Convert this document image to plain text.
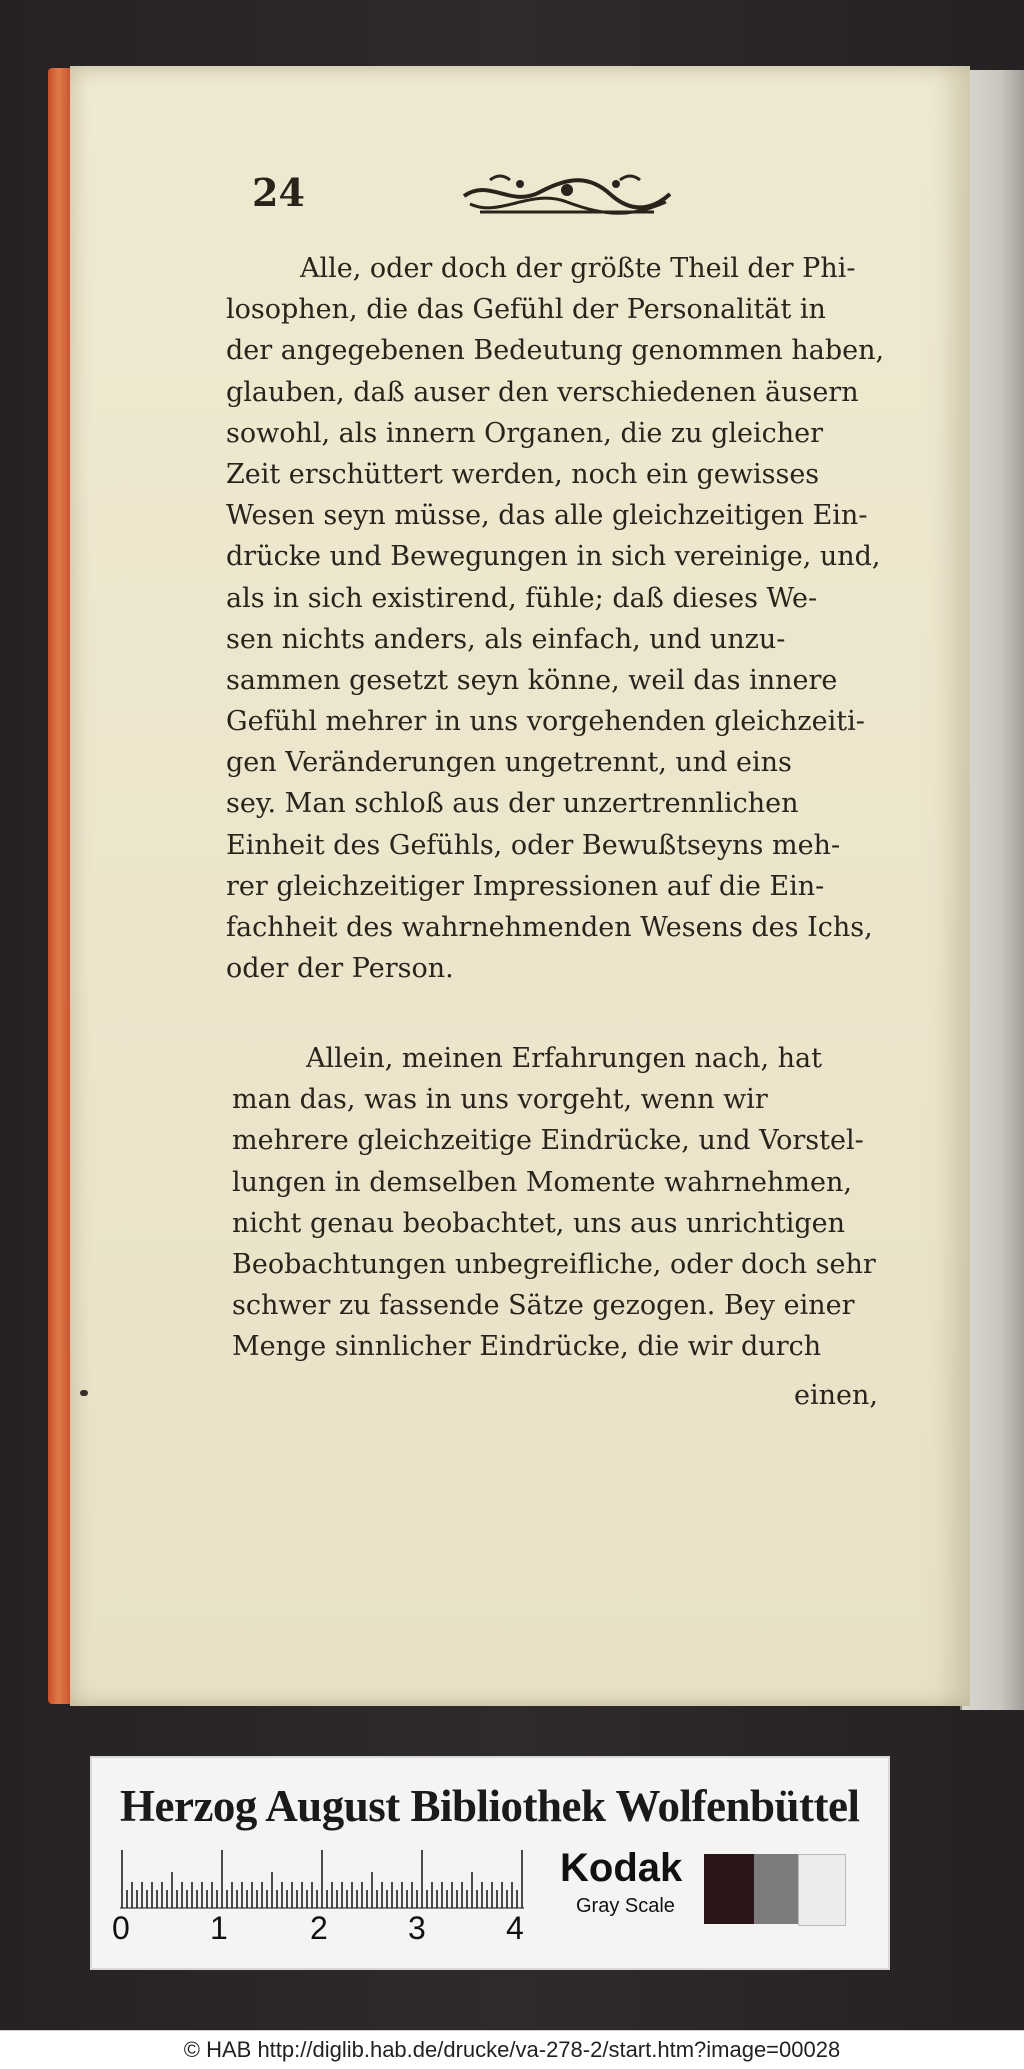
24

Alle, oder doch der größte Theil der Phi-
losophen, die das Gefühl der Personalität in
der angegebenen Bedeutung genommen haben,
glauben, daß auser den verschiedenen äusern
sowohl, als innern Organen, die zu gleicher
Zeit erschüttert werden, noch ein gewisses
Wesen seyn müsse, das alle gleichzeitigen Ein-
drücke und Bewegungen in sich vereinige, und,
als in sich existirend, fühle; daß dieses We-
sen nichts anders, als einfach, und unzu-
sammen gesetzt seyn könne, weil das innere
Gefühl mehrer in uns vorgehenden gleichzeiti-
gen Veränderungen ungetrennt, und eins
sey. Man schloß aus der unzertrennlichen
Einheit des Gefühls, oder Bewußtseyns meh-
rer gleichzeitiger Impressionen auf die Ein-
fachheit des wahrnehmenden Wesens des Ichs,
oder der Person.
Allein, meinen Erfahrungen nach, hat
man das, was in uns vorgeht, wenn wir
mehrere gleichzeitige Eindrücke, und Vorstel-
lungen in demselben Momente wahrnehmen,
nicht genau beobachtet, uns aus unrichtigen
Beobachtungen unbegreifliche, oder doch sehr
schwer zu fassende Sätze gezogen. Bey einer
Menge sinnlicher Eindrücke, die wir durch

einen,

Herzog August Bibliothek Wolfenbüttel

0	1	2	3	4

Kodak

Gray Scale

© HAB http://diglib.hab.de/drucke/va-278-2/start.htm?image=00028
